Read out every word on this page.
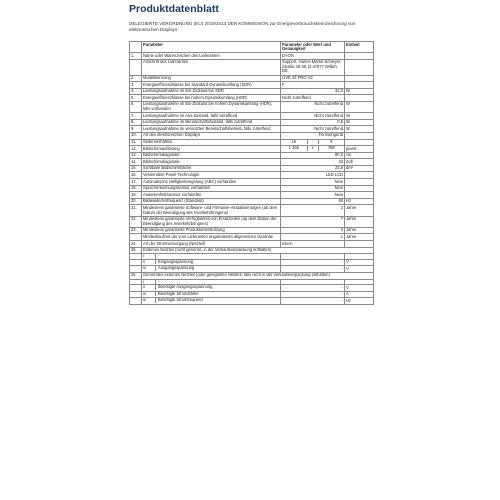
Produktdatenblatt
DELEGIERTE VERORDNUNG (EU) 2019/2013 DER KOMMISSION zur Energieverbrauchskennzeichnung von elektronischen Displays
	Parameter	Parameter oder Wert und Genauigkeit	Einheit
1.	Name oder Warenzeichen des Lieferanten	DYON	
	Anschrift des Lieferanten	Support, Hanns-Martin-Schleyer-Straße 36-38, D-47877 Willich, DE	
2.	Modellkennung	LIVE 32 PRO V2	
3.	Energieeffizienzklasse bei Standard-Dynamikumfang (SDR)	F	
4.	Leistungsaufnahme im Ein-Zustand bei SDR	32,0	W
5.	Energieeffizienzklasse bei hohem Dynamikumfang (HDR)	Nicht zutreffend	
6.	Leistungsaufnahme im Ein-Zustand bei hohem Dynamikumfang (HDR), falls vorhanden	Nicht zutreffend	W
7.	Leistungsaufnahme im Aus-Zustand, falls zutreffend	Nicht zutreffend	W
8.	Leistungsaufnahme im Bereitschaftszustand, falls zutreffend	0,5	W
9.	Leistungsaufnahme im vernetzten Bereitschaftsbetrieb, falls zutreffend	Nicht zutreffend	W
10.	Art des elektronischen Displays	Fernsehgerät	
11.	Seitenverhältnis	16 : 9	

12.	Bildschirmauflösung	1 366 x 768	pixels
13.	Bildschirmdiagonale	80,0	cm
14.	Bildschirmdiagonale	32	Zoll
15.	Sichtbare Bildschirmfläche	23,8	dm²
16.	Verwendete Panel-Technologie	LED LCD	
17.	Automatische Helligkeitsregelung (ABC) vorhanden	Nein	
18.	Spracherkennungssensor vorhanden	Nein	
19.	Anwesenheitssensor vorhanden	Nein	
20.	Bildwiederholfrequenz (Standard)	60	Hz
21.	Mindestens garantierte Software- und Firmware-Aktualisierungen (ab dem Datum der Beendigung des Inverkehrbringens)	2	Jahre
22.	Mindestens garantierte Verfügbarkeit von Ersatzteilen (ab dem Datum der Beendigung des Inverkehrbringens)	7	Jahre
23.	Mindestens garantierte Produktunterstützung	3	Jahre
	Mindestlaufzeit der vom Lieferanten angebotenen allgemeinen Garantie	1	Jahre
24.	Art der Stromversorgung (Netzteil)	Intern	
25.	Externes Netzteil (nicht genormt, in der Verkaufsverpackung enthalten)		

	i -		

	ii Eingangsspannung	-	V

	iii Ausgangsspannung	-	V
26.	Genormtes externes Netzteil (oder geeignetes Netzteil, falls nicht in der Verkaufsverpackung enthalten)		

	i -		

	ii Benötigte Ausgangsspannung	-	V

	iii Benötigte Stromstärke	-	A

	iv Benötigte Stromfrequenz	-	Hz
